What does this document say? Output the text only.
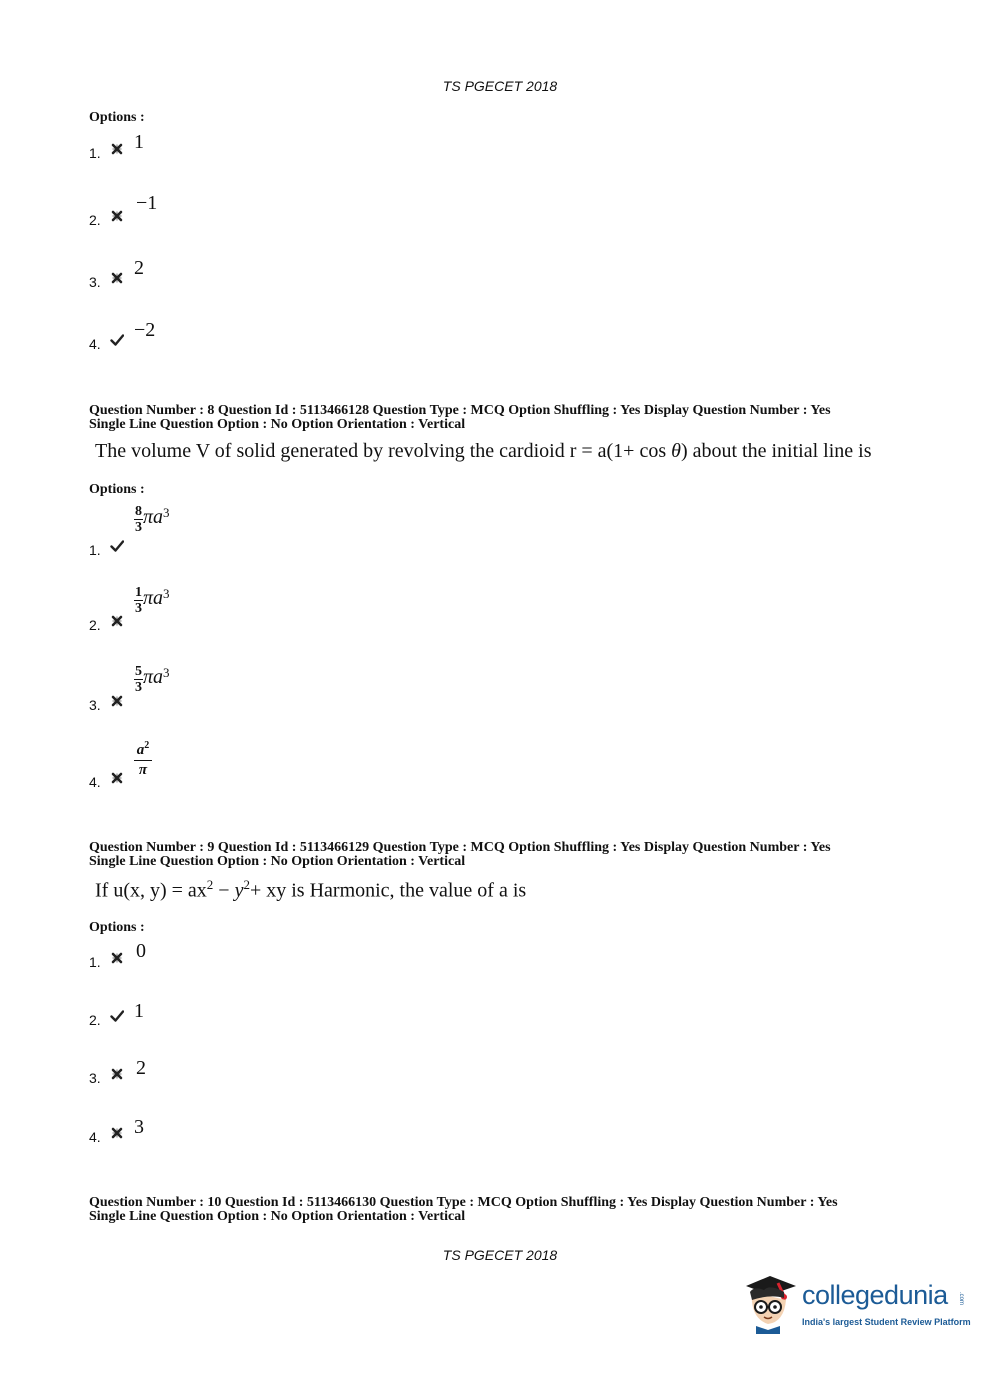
TS PGECET 2018
Options :
1. 1
2.
−1
3.
2
4.
−2
Question Number : 8 Question Id : 5113466128 Question Type : MCQ Option Shuffling : Yes Display Question Number : Yes
Single Line Question Option : No Option Orientation : Vertical
The volume V of solid generated by revolving the cardioid r = a(1+ cos θ) about the initial line is
Options :
1.
$\frac{8}{3} \pi a^3$
2.
$\frac{1}{3} \pi a^3$
3.
$\frac{5}{3} \pi a^3$
4.
$\frac{a^2}{\pi}$
Question Number : 9 Question Id : 5113466129 Question Type : MCQ Option Shuffling : Yes Display Question Number : Yes
Single Line Question Option : No Option Orientation : Vertical
If u(x, $y) = ax^2 - y^2+$ xy is Harmonic, the value of a is
Options :
1. 0
2. 1
3. 2
4. 3
Question Number : 10 Question Id : 5113466130 Question Type : MCQ Option Shuffling : Yes Display Question Number : Yes
Single Line Question Option : No Option Orientation : Vertical
TS PGECET 2018
collegedunia .com
India's largest Student Review Platform
